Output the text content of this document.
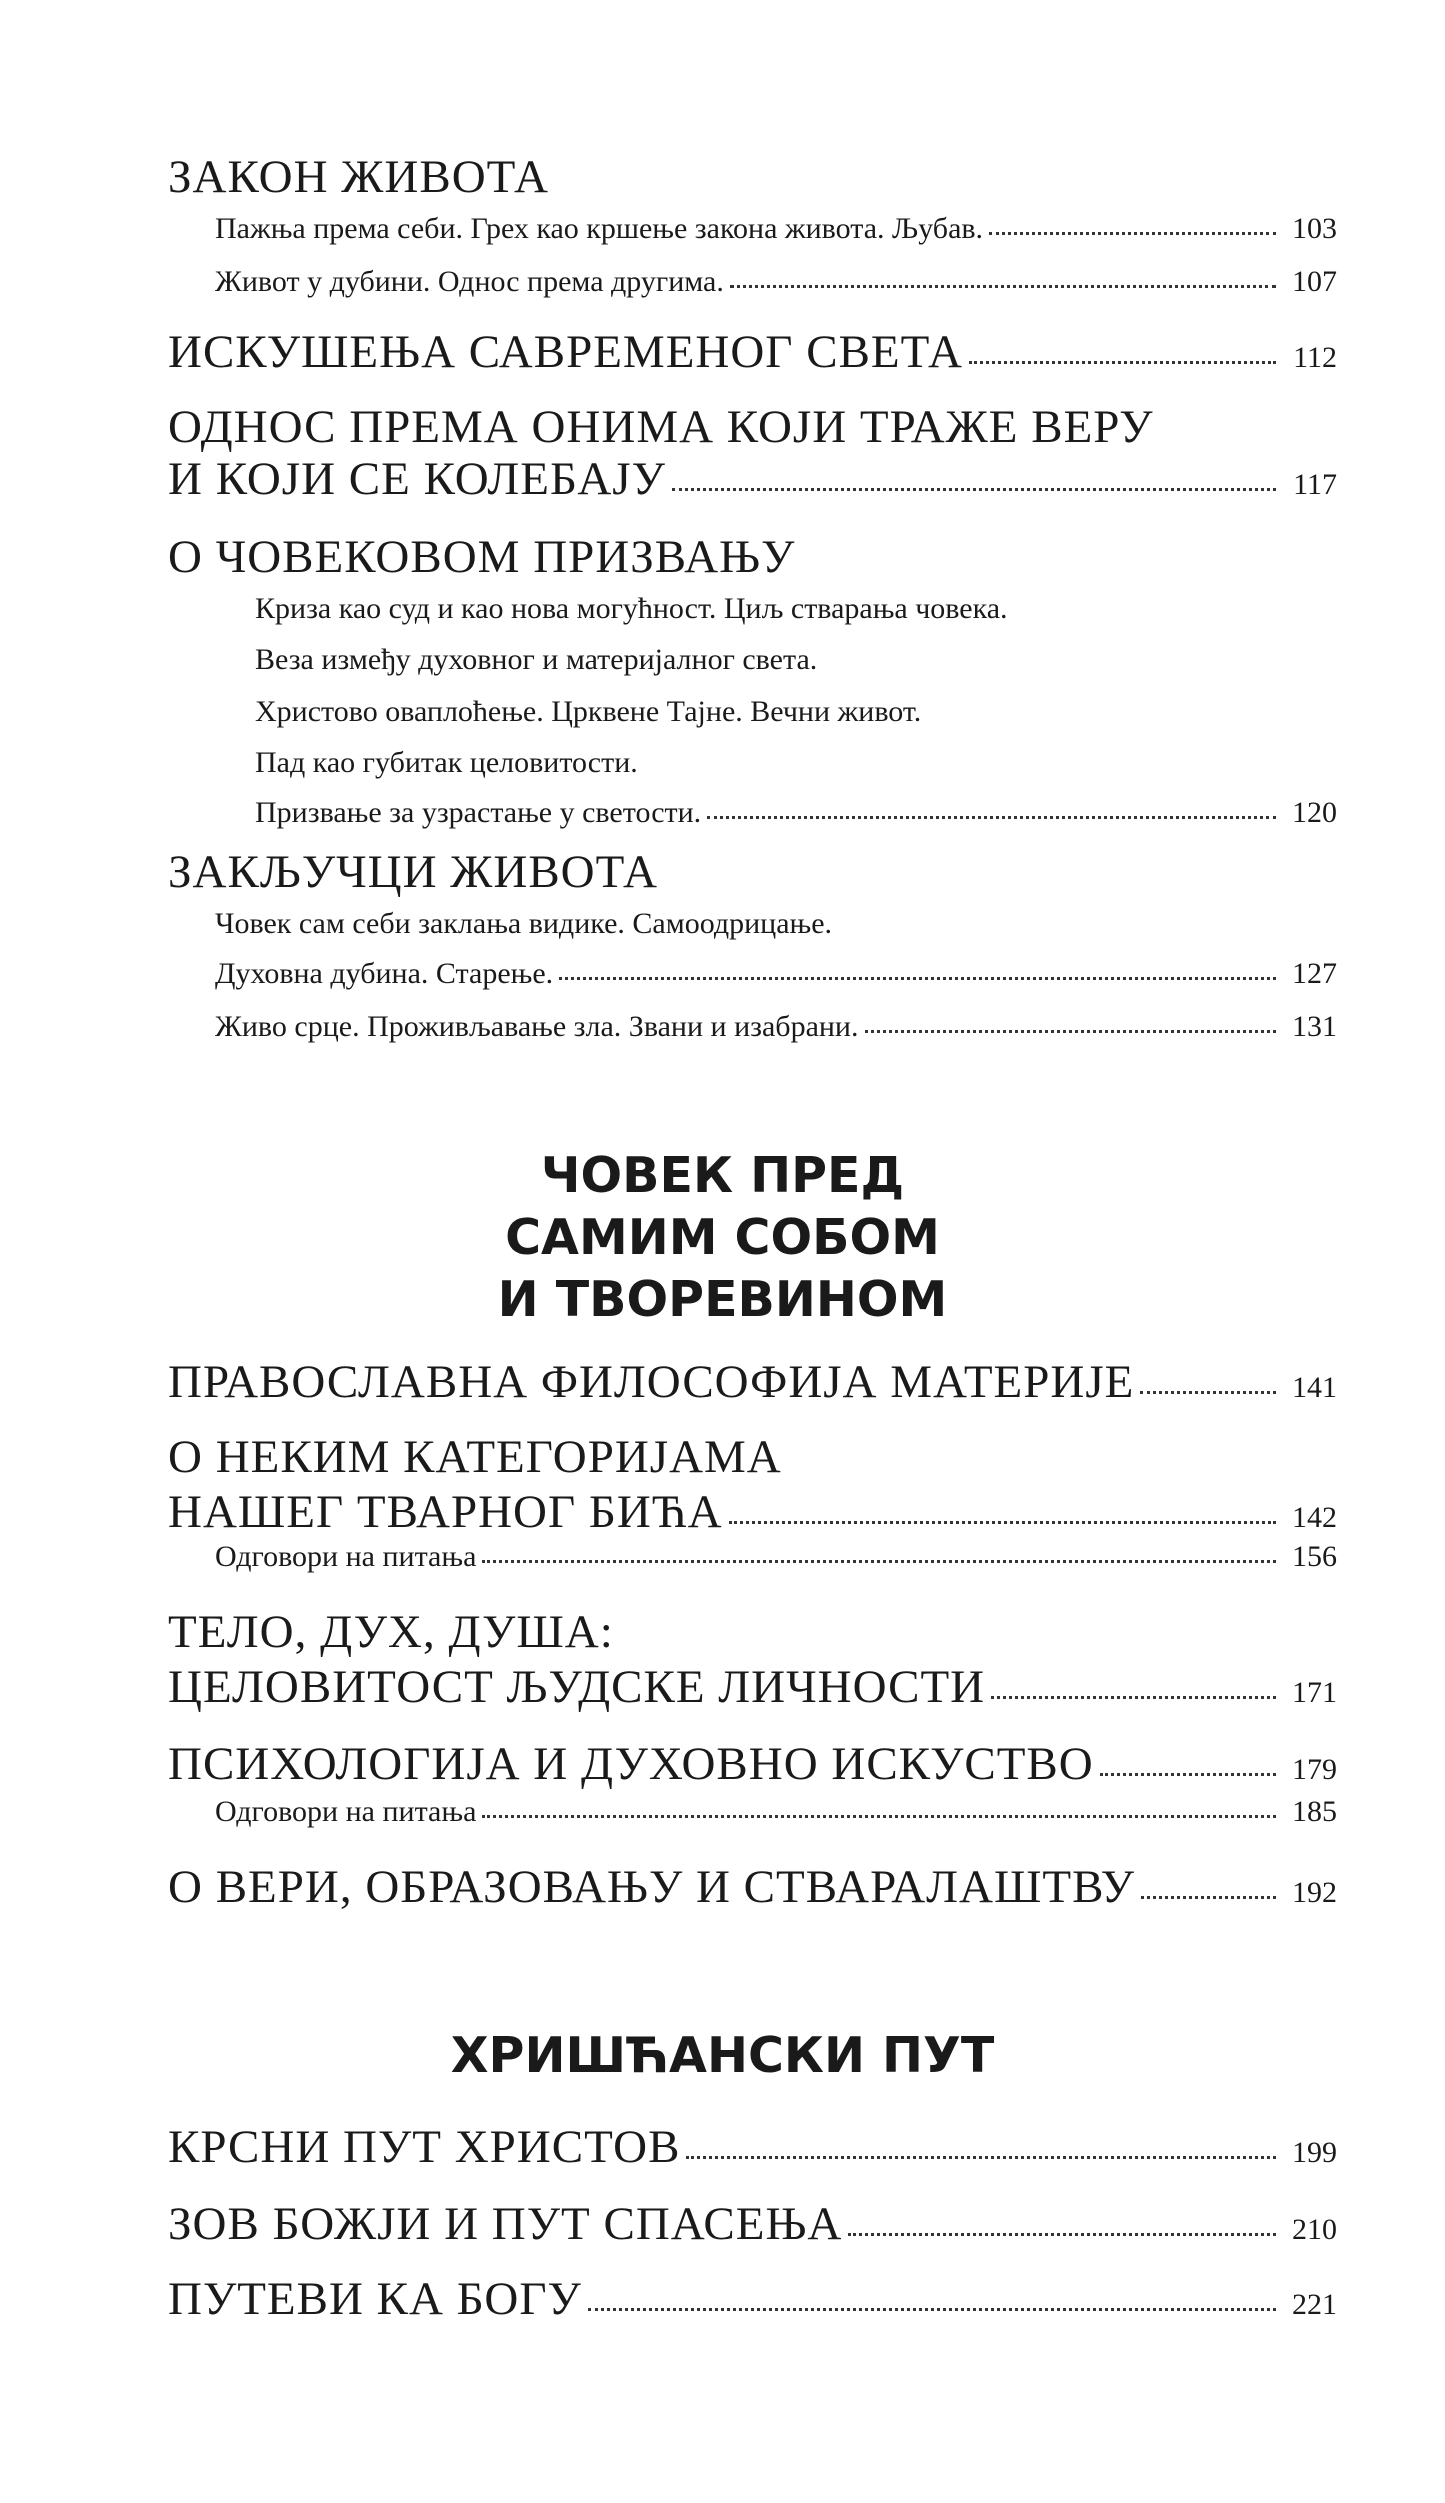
ЗАКОН ЖИВОТА
Пажња према себи. Грех као кршење закона живота. Љубав.	103
Живот у дубини. Однос према другима.	107
ИСКУШЕЊА САВРЕМЕНОГ СВЕТА	112
ОДНОС ПРЕМА ОНИМА КОЈИ ТРАЖЕ ВЕРУ
И КОЈИ СЕ КОЛЕБАЈУ	117
О ЧОВЕКОВОМ ПРИЗВАЊУ
Криза као суд и као нова могућност. Циљ стварања човека.
Веза између духовног и материјалног света.
Христово оваплоћење. Црквене Тајне. Вечни живот.
Пад као губитак целовитости.
Призвање за узрастање у светости.	120
ЗАКЉУЧЦИ ЖИВОТА
Човек сам себи заклања видике. Самоодрицање.
Духовна дубина. Старење.	127
Живо срце. Проживљавање зла. Звани и изабрани.	131
ЧОВЕК ПРЕД
САМИМ СОБОМ
И ТВОРЕВИНОМ
ПРАВОСЛАВНА ФИЛОСОФИЈА МАТЕРИЈЕ	141
О НЕКИМ КАТЕГОРИЈАМА
НАШЕГ ТВАРНОГ БИЋА	142
Одговори на питања	156
ТЕЛО, ДУХ, ДУША:
ЦЕЛОВИТОСТ ЉУДСКЕ ЛИЧНОСТИ	171
ПСИХОЛОГИЈА И ДУХОВНО ИСКУСТВО	179
Одговори на питања	185
О ВЕРИ, ОБРАЗОВАЊУ И СТВАРАЛАШТВУ	192
ХРИШЋАНСКИ ПУТ
КРСНИ ПУТ ХРИСТОВ	199
ЗОВ БОЖЈИ И ПУТ СПАСЕЊА	210
ПУТЕВИ КА БОГУ	221
